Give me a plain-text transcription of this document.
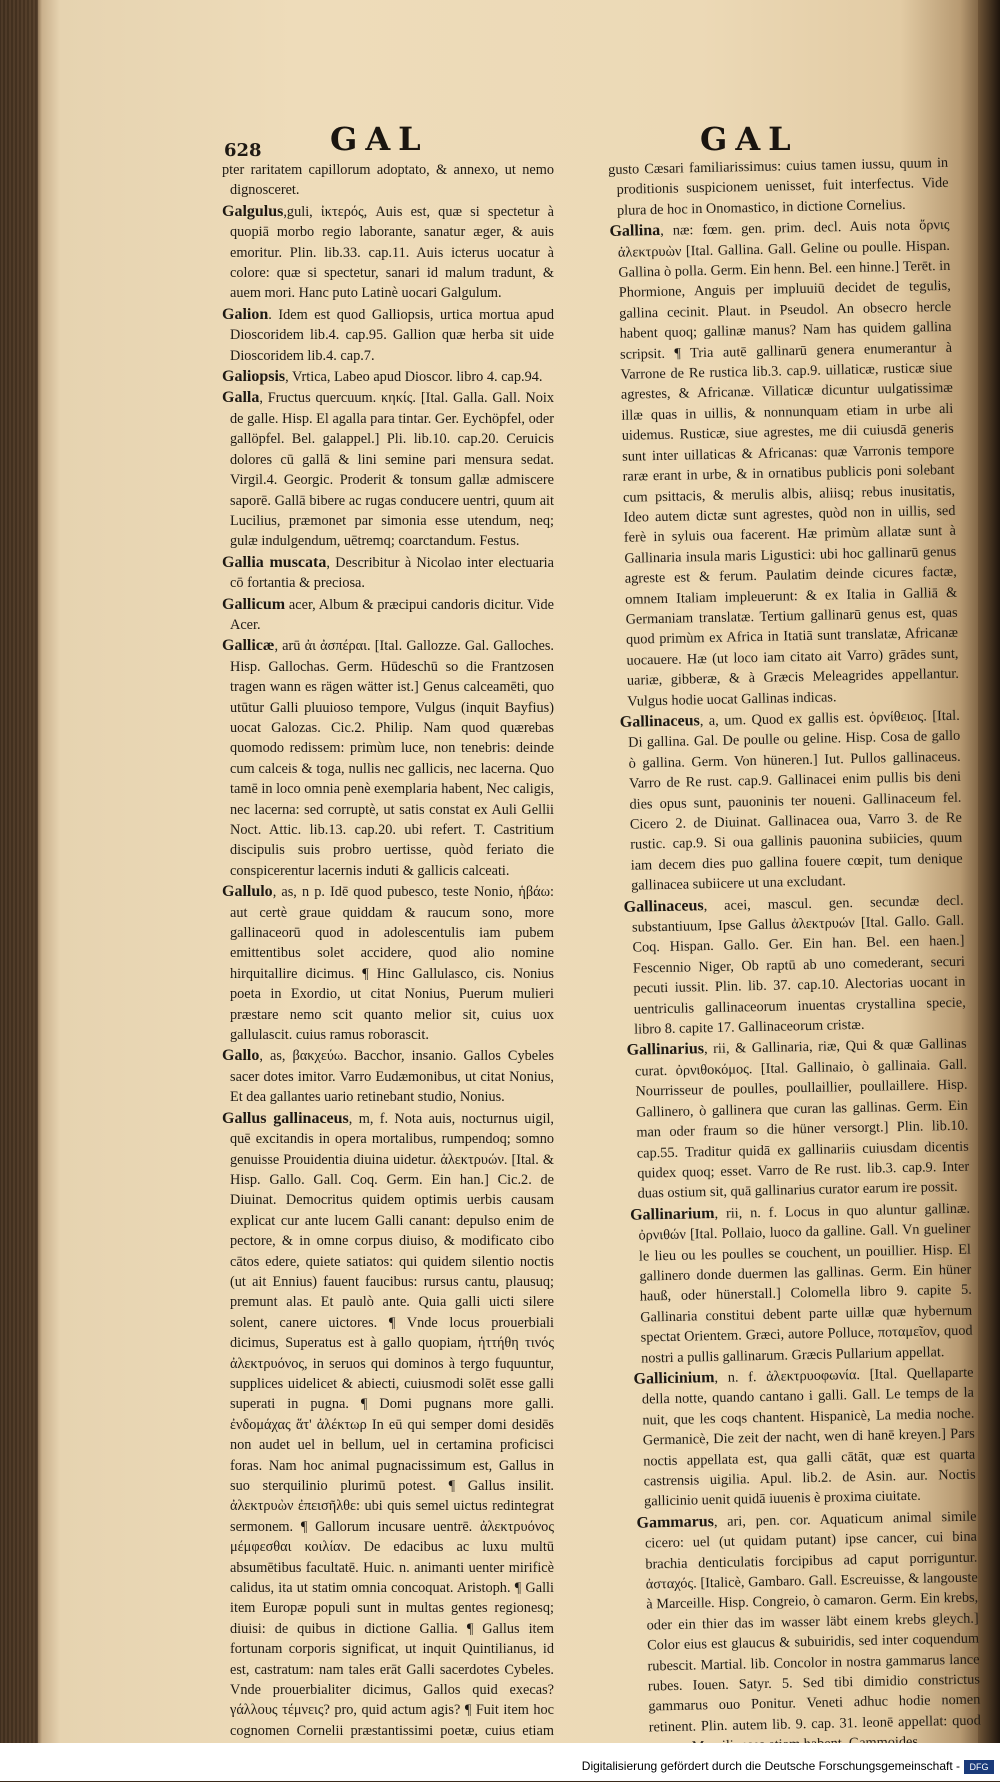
628 GAL	GAL

pter raritatem capillorum adoptato, & annexo, ut nemo dignosceret.

Galgulus,guli, ἰκτερός, Auis est, quæ si spectetur à quopiā morbo regio laborante, sanatur æger, & auis emoritur. Plin. lib.33. cap.11. Auis icterus uocatur à colore: quæ si spectetur, sanari id malum tradunt, & auem mori. Hanc puto Latinè uocari Galgulum.

Galion. Idem est quod Galliopsis, urtica mortua apud Dioscoridem lib.4. cap.95. Gallion quæ herba sit uide Dioscoridem lib.4. cap.7.

Galiopsis, Vrtica, Labeo apud Dioscor. libro 4. cap.94.

Galla, Fructus quercuum. κηκίς. [Ital. Galla. Gall. Noix de galle. Hisp. El agalla para tintar. Ger. Eychöpfel, oder gallöpfel. Bel. galappel.] Pli. lib.10. cap.20. Ceruicis dolores cū gallā & lini semine pari mensura sedat. Virgil.4. Georgic. Proderit & tonsum gallæ admiscere saporē. Gallā bibere ac rugas conducere uentri, quum ait Lucilius, præmonet par simonia esse utendum, neq; gulæ indulgendum, uētremq; coarctandum. Festus.

Gallia muscata, Describitur à Nicolao inter electuaria cō fortantia & preciosa.

Gallicum acer, Album & præcipui candoris dicitur. Vide Acer.

Gallicæ, arū ἀι ἀσπέραι. [Ital. Gallozze. Gal. Galloches. Hisp. Gallochas. Germ. Hūdeschū so die Frantzosen tragen wann es rägen wätter ist.] Genus calceamēti, quo utūtur Galli pluuioso tempore, Vulgus (inquit Bayfius) uocat Galozas. Cic.2. Philip. Nam quod quærebas quomodo redissem: primùm luce, non tenebris: deinde cum calceis & toga, nullis nec gallicis, nec lacerna. Quo tamē in loco omnia penè exemplaria habent, Nec caligis, nec lacerna: sed corruptè, ut satis constat ex Auli Gellii Noct. Attic. lib.13. cap.20. ubi refert. T. Castritium discipulis suis probro uertisse, quòd feriato die conspicerentur lacernis induti & gallicis calceati.

Gallulo, as, n p. Idē quod pubesco, teste Nonio, ἡβάω: aut certè graue quiddam & raucum sono, more gallinaceorū quod in adolescentulis iam pubem emittentibus solet accidere, quod alio nomine hirquitallire dicimus. ¶ Hinc Gallulasco, cis. Nonius poeta in Exordio, ut citat Nonius, Puerum mulieri præstare nemo scit quanto melior sit, cuius uox gallulascit. cuius ramus roborascit.

Gallo, as, βακχεύω. Bacchor, insanio. Gallos Cybeles sacer dotes imitor. Varro Eudæmonibus, ut citat Nonius, Et dea gallantes uario retinebant studio, Nonius.

Gallus gallinaceus, m, f. Nota auis, nocturnus uigil, quē excitandis in opera mortalibus, rumpendoq; somno genuisse Prouidentia diuina uidetur. ἀλεκτρυών. [Ital. & Hisp. Gallo. Gall. Coq. Germ. Ein han.] Cic.2. de Diuinat. Democritus quidem optimis uerbis causam explicat cur ante lucem Galli canant: depulso enim de pectore, & in omne corpus diuiso, & modificato cibo cātos edere, quiete satiatos: qui quidem silentio noctis (ut ait Ennius) fauent faucibus: rursus cantu, plausuq; premunt alas. Et paulò ante. Quia galli uicti silere solent, canere uictores. ¶ Vnde locus prouerbiali dicimus, Superatus est à gallo quopiam, ἡττήθη τινός ἀλεκτρυόνος, in seruos qui dominos à tergo fuquuntur, supplices uidelicet & abiecti, cuiusmodi solēt esse galli superati in pugna. ¶ Domi pugnans more galli. ἐνδομάχας ἅτ' ἀλέκτωρ In eū qui semper domi desidēs non audet uel in bellum, uel in certamina proficisci foras. Nam hoc animal pugnacissimum est, Gallus in suo sterquilinio plurimū potest. ¶ Gallus insilit. ἀλεκτρυὼν ἐπεισῆλθε: ubi quis semel uictus redintegrat sermonem. ¶ Gallorum incusare uentrē. ἀλεκτρυόνος μέμφεσθαι κοιλίαν. De edacibus ac luxu multū absumētibus facultatē. Huic. n. animanti uenter mirificè calidus, ita ut statim omnia concoquat. Aristoph. ¶ Galli item Europæ populi sunt in multas gentes regionesq; diuisi: de quibus in dictione Gallia. ¶ Gallus item fortunam corporis significat, ut inquit Quintilianus, id est, castratum: nam tales erāt Galli sacerdotes Cybeles. Vnde prouerbialiter dicimus, Gallos quid execas? γάλλους τέμνεις? pro, quid actum agis? ¶ Fuit item hoc cognomen Cornelii præstantissimi poetæ, cuius etiam

gusto Cæsari familiarissimus: cuius tamen iussu, quum in proditionis suspicionem uenisset, fuit interfectus. Vide plura de hoc in Onomastico, in dictione Cornelius.

Gallina, næ: fœm. gen. prim. decl. Auis nota ὄρνις ἀλεκτρυὼν [Ital. Gallina. Gall. Geline ou poulle. Hispan. Gallina ò polla. Germ. Ein henn. Bel. een hinne.] Terēt. in Phormione, Anguis per impluuiū decidet de tegulis, gallina cecinit. Plaut. in Pseudol. An obsecro hercle habent quoq; gallinæ manus? Nam has quidem gallina scripsit. ¶ Tria autē gallinarū genera enumerantur à Varrone de Re rustica lib.3. cap.9. uillaticæ, rusticæ siue agrestes, & Africanæ. Villaticæ dicuntur uulgatissimæ illæ quas in uillis, & nonnunquam etiam in urbe ali uidemus. Rusticæ, siue agrestes, me dii cuiusdā generis sunt inter uillaticas & Africanas: quæ Varronis tempore raræ erant in urbe, & in ornatibus publicis poni solebant cum psittacis, & merulis albis, aliisq; rebus inusitatis, Ideo autem dictæ sunt agrestes, quòd non in uillis, sed ferè in syluis oua facerent. Hæ primùm allatæ sunt à Gallinaria insula maris Ligustici: ubi hoc gallinarū genus agreste est & ferum. Paulatim deinde cicures factæ, omnem Italiam impleuerunt: & ex Italia in Galliā & Germaniam translatæ. Tertium gallinarū genus est, quas quod primùm ex Africa in Itatiā sunt translatæ, Africanæ uocauere. Hæ (ut loco iam citato ait Varro) grādes sunt, uariæ, gibberæ, & à Græcis Meleagrides appellantur. Vulgus hodie uocat Gallinas indicas.

Gallinaceus, a, um. Quod ex gallis est. ὀρνίθειος. [Ital. Di gallina. Gal. De poulle ou geline. Hisp. Cosa de gallo ò gallina. Germ. Von hüneren.] Iut. Pullos gallinaceus. Varro de Re rust. cap.9. Gallinacei enim pullis bis deni dies opus sunt, pauoninis ter noueni. Gallinaceum fel. Cicero 2. de Diuinat. Gallinacea oua, Varro 3. de Re rustic. cap.9. Si oua gallinis pauonina subiicies, quum iam decem dies puo gallina fouere cœpit, tum denique gallinacea subiicere ut una excludant.

Gallinaceus, acei, mascul. gen. secundæ decl. substantiuum, Ipse Gallus ἀλεκτρυών [Ital. Gallo. Gall. Coq. Hispan. Gallo. Ger. Ein han. Bel. een haen.] Fescennio Niger, Ob raptū ab uno comederant, securi pecuti iussit. Plin. lib. 37. cap.10. Alectorias uocant in uentriculis gallinaceorum inuentas crystallina specie, libro 8. capite 17. Gallinaceorum cristæ.

Gallinarius, rii, & Gallinaria, riæ, Qui & quæ Gallinas curat. ὀρνιθοκόμος. [Ital. Gallinaio, ò gallinaia. Gall. Nourrisseur de poulles, poullaillier, poullaillere. Hisp. Gallinero, ò gallinera que curan las gallinas. Germ. Ein man oder fraum so die hüner versorgt.] Plin. lib.10. cap.55. Traditur quidā ex gallinariis cuiusdam dicentis quidex quoq; esset. Varro de Re rust. lib.3. cap.9. Inter duas ostium sit, quā gallinarius curator earum ire possit.

Gallinarium, rii, n. f. Locus in quo aluntur gallinæ. ὀρνιθών [Ital. Pollaio, luoco da galline. Gall. Vn gueliner le lieu ou les poulles se couchent, un pouillier. Hisp. El gallinero donde duermen las gallinas. Germ. Ein hüner hauß, oder hünerstall.] Colomella libro 9. capite 5. Gallinaria constitui debent parte uillæ quæ hybernum spectat Orientem. Græci, autore Polluce, ποταμεῖον, quod nostri a pullis gallinarum. Græcis Pullarium appellat.

Gallicinium, n. f. ἀλεκτρυοφωνία. [Ital. Quellaparte della notte, quando cantano i galli. Gall. Le temps de la nuit, que les coqs chantent. Hispanicè, La media noche. Germanicè, Die zeit der nacht, wen di hanē kreyen.] Pars noctis appellata est, qua galli cātāt, quæ est quarta castrensis uigilia. Apul. lib.2. de Asin. aur. Noctis gallicinio uenit quidā iuuenis è proxima ciuitate.

Gammarus, ari, pen. cor. Aquaticum animal simile cicero: uel (ut quidam putant) ipse cancer, cui bina brachia denticulatis forcipibus ad caput porriguntur. ἀσταχός. [Italicè, Gambaro. Gall. Escreuisse, & langouste à Marceille. Hisp. Congreio, ò camaron. Germ. Ein krebs, oder ein thier das im wasser läbt einem krebs gleych.] Color eius est glaucus & subuiridis, sed inter coquendum rubescit. Martial. lib. Concolor in nostra gammarus lance rubes. Iouen. Satyr. 5. Sed tibi dimidio constrictus gammarus ouo Ponitur. Veneti adhuc hodie nomen retinent. Plin. autem lib. 9. cap. 31. leonē appellat: quod

Digitalisierung gefördert durch die Deutsche Forschungsgemeinschaft -	DFG
